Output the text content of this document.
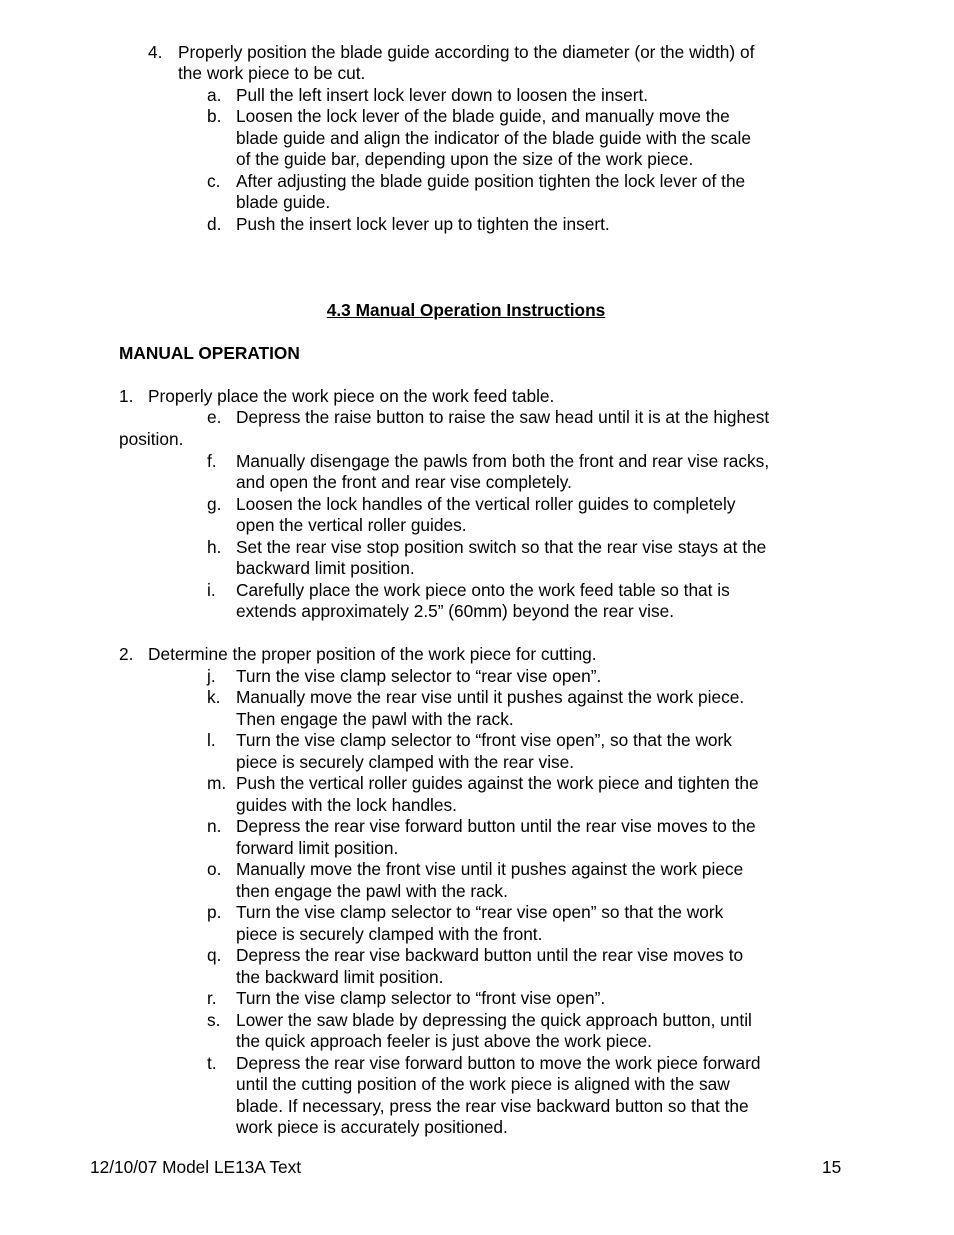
4. Properly position the blade guide according to the diameter (or the width) of
the work piece to be cut.
a. Pull the left insert lock lever down to loosen the insert.
b. Loosen the lock lever of the blade guide, and manually move the
blade guide and align the indicator of the blade guide with the scale
of the guide bar, depending upon the size of the work piece.
c. After adjusting the blade guide position tighten the lock lever of the
blade guide.
d. Push the insert lock lever up to tighten the insert.
4.3 Manual Operation Instructions
MANUAL OPERATION
1. Properly place the work piece on the work feed table.
e. Depress the raise button to raise the saw head until it is at the highest
position.
f. Manually disengage the pawls from both the front and rear vise racks,
and open the front and rear vise completely.
g. Loosen the lock handles of the vertical roller guides to completely
open the vertical roller guides.
h. Set the rear vise stop position switch so that the rear vise stays at the
backward limit position.
i. Carefully place the work piece onto the work feed table so that is
extends approximately 2.5” (60mm) beyond the rear vise.
2. Determine the proper position of the work piece for cutting.
j. Turn the vise clamp selector to “rear vise open”.
k. Manually move the rear vise until it pushes against the work piece.
Then engage the pawl with the rack.
l. Turn the vise clamp selector to “front vise open”, so that the work
piece is securely clamped with the rear vise.
m. Push the vertical roller guides against the work piece and tighten the
guides with the lock handles.
n. Depress the rear vise forward button until the rear vise moves to the
forward limit position.
o. Manually move the front vise until it pushes against the work piece
then engage the pawl with the rack.
p. Turn the vise clamp selector to “rear vise open” so that the work
piece is securely clamped with the front.
q. Depress the rear vise backward button until the rear vise moves to
the backward limit position.
r. Turn the vise clamp selector to “front vise open”.
s. Lower the saw blade by depressing the quick approach button, until
the quick approach feeler is just above the work piece.
t. Depress the rear vise forward button to move the work piece forward
until the cutting position of the work piece is aligned with the saw
blade. If necessary, press the rear vise backward button so that the
work piece is accurately positioned.
12/10/07 Model LE13A Text	15
